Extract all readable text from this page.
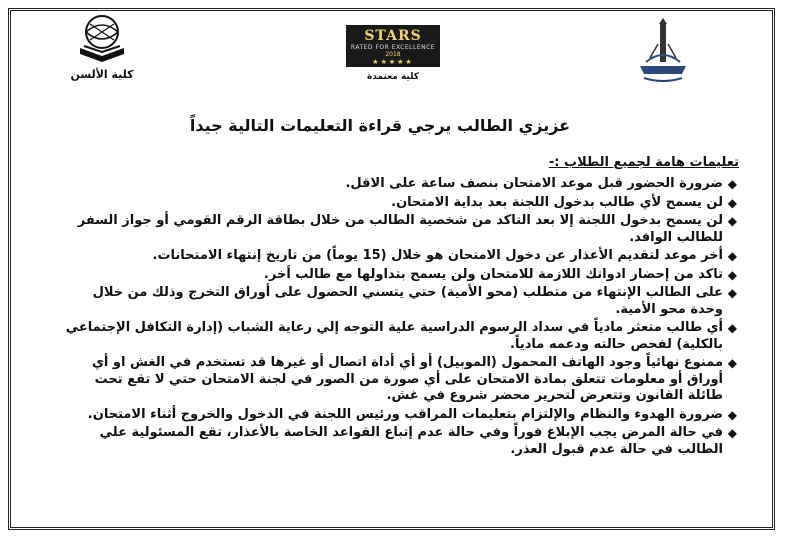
كلية الألسن
STARS
RATED FOR EXCELLENCE
2018
★★★★★
كلية معتمدة
عزيزي الطالب يرجي قراءة التعليمات التالية جيداً
تعليمات هامة لجميع الطلاب :-
◆
ضرورة الحضور قبل موعد الامتحان بنصف ساعة على الاقل.
◆
لن يسمح لأي طالب بدخول اللجنة بعد بداية الامتحان.
◆
لن يسمح بدخول اللجنة إلا بعد التاكد من شخصية الطالب من خلال بطاقة الرقم القومي أو جواز السفر للطالب الوافد.
◆
أخر موعد لتقديم الأعذار عن دخول الامتحان هو خلال (15 يوماً) من تاريخ إنتهاء الامتحانات.
◆
تاكد من إحضار ادواتك اللازمة للامتحان ولن يسمح بتداولها مع طالب أخر.
◆
على الطالب الإنتهاء من متطلب (محو الأمية) حتي يتسني الحصول على أوراق التخرج وذلك من خلال وحدة محو الأمية.
◆
أي طالب متعثر مادياً في سداد الرسوم الدراسية علية التوجه إلي رعاية الشباب (إدارة التكافل الإجتماعي بالكلية) لفحص حالته ودعمه مادياً.
◆
ممنوع نهائياً وجود الهاتف المحمول (الموبيل) أو أي أداة اتصال أو غيرها قد تستخدم في الغش او أي أوراق أو معلومات تتعلق بمادة الامتحان على أي صورة من الصور في لجنة الامتحان حتي لا تقع تحت طائلة القانون وتتعرض لتحرير محضر شروع في غش.
◆
ضرورة الهدوء والنظام والإلتزام بتعليمات المراقب ورئيس اللجنة في الدخول والخروج أثناء الامتحان.
◆
في حالة المرض يجب الإبلاغ فوراً وفي حالة عدم إتباع القواعد الخاصة بالأعذار، تقع المسئولية علي الطالب في حالة عدم قبول العذر.
